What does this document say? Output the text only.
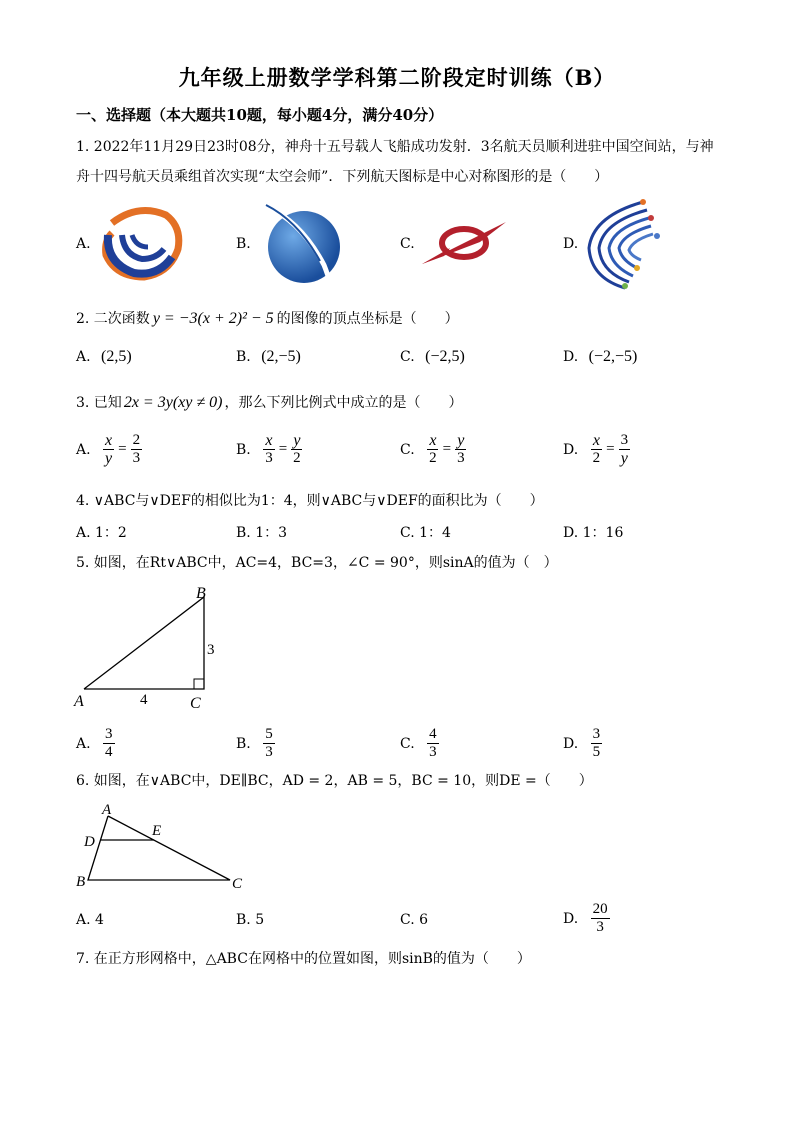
九年级上册数学学科第二阶段定时训练（B）
一、选择题（本大题共10题，每小题4分，满分40分）
1. 2022年11月29日23时08分，神舟十五号载人飞船成功发射．3名航天员顺利进驻中国空间站，与神
舟十四号航天员乘组首次实现“太空会师”．下列航天图标是中心对称图形的是（　　）
A.	B.	C.	D.
2. 二次函数 y = −3(x + 2)² − 5 的图像的顶点坐标是（　　）
A. (2,5)	B. (2,−5)	C. (−2,5)	D. (−2,−5)
3. 已知 2x = 3y(xy ≠ 0) ，那么下列比例式中成立的是（　　）
A. $\frac{x}{y} = \frac{2}{3}$	B. $\frac{x}{3} = \frac{y}{2}$	C. $\frac{x}{2} = \frac{y}{3}$	D. $\frac{x}{2} = \frac{3}{y}$
4. ∨ABC与∨DEF的相似比为1：4，则∨ABC与∨DEF的面积比为（　　）
A. 1：2	B. 1：3	C. 1：4	D. 1：16
5. 如图，在Rt∨ABC中，AC=4，BC=3，∠C = 90°，则sinA的值为（　）
A
B
C
4
3
A. $\frac{3}{4}$	B. $\frac{5}{3}$	C. $\frac{4}{3}$	D. $\frac{3}{5}$
6. 如图，在∨ABC中，DE∥BC，AD = 2，AB = 5，BC = 10，则DE =（　　）
A
B	C
D
E
A. 4	B. 5	C. 6	D. $\frac{20}{3}$
7. 在正方形网格中，△ABC在网格中的位置如图，则sinB的值为（　　）
